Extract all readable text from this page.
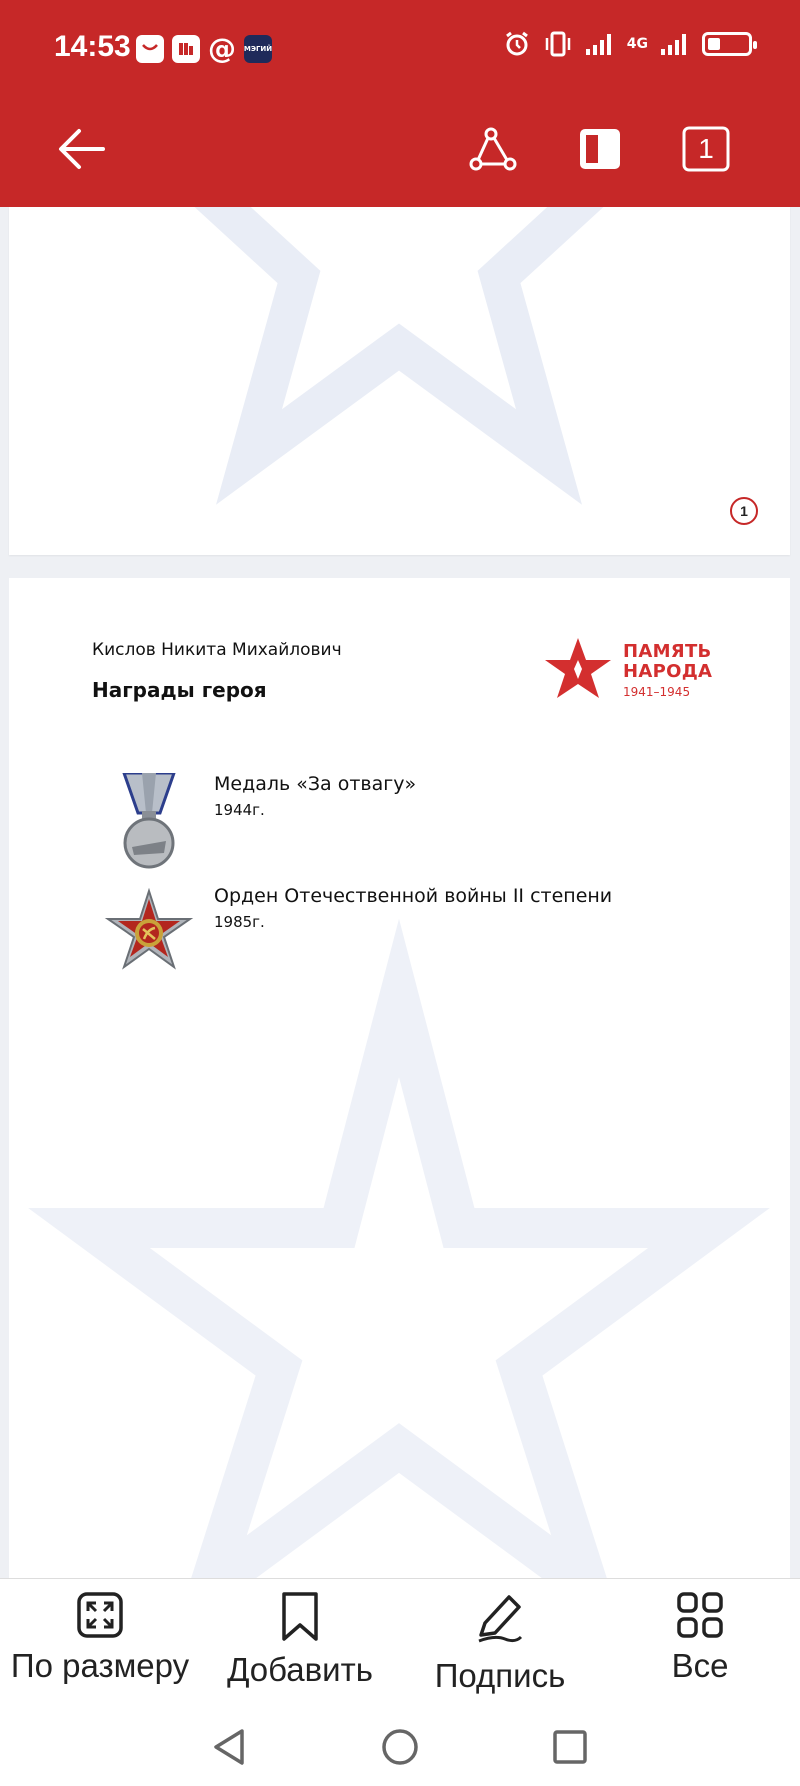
14:53	@ МЭГИЙ	4G
1
1
Кислов Никита Михайлович
Награды героя
ПАМЯТЬ
НАРОДА
1941–1945
Медаль «За отвагу»
1944г.
Орден Отечественной войны II степени
1985г.
По размеру Добавить Подпись	Все
